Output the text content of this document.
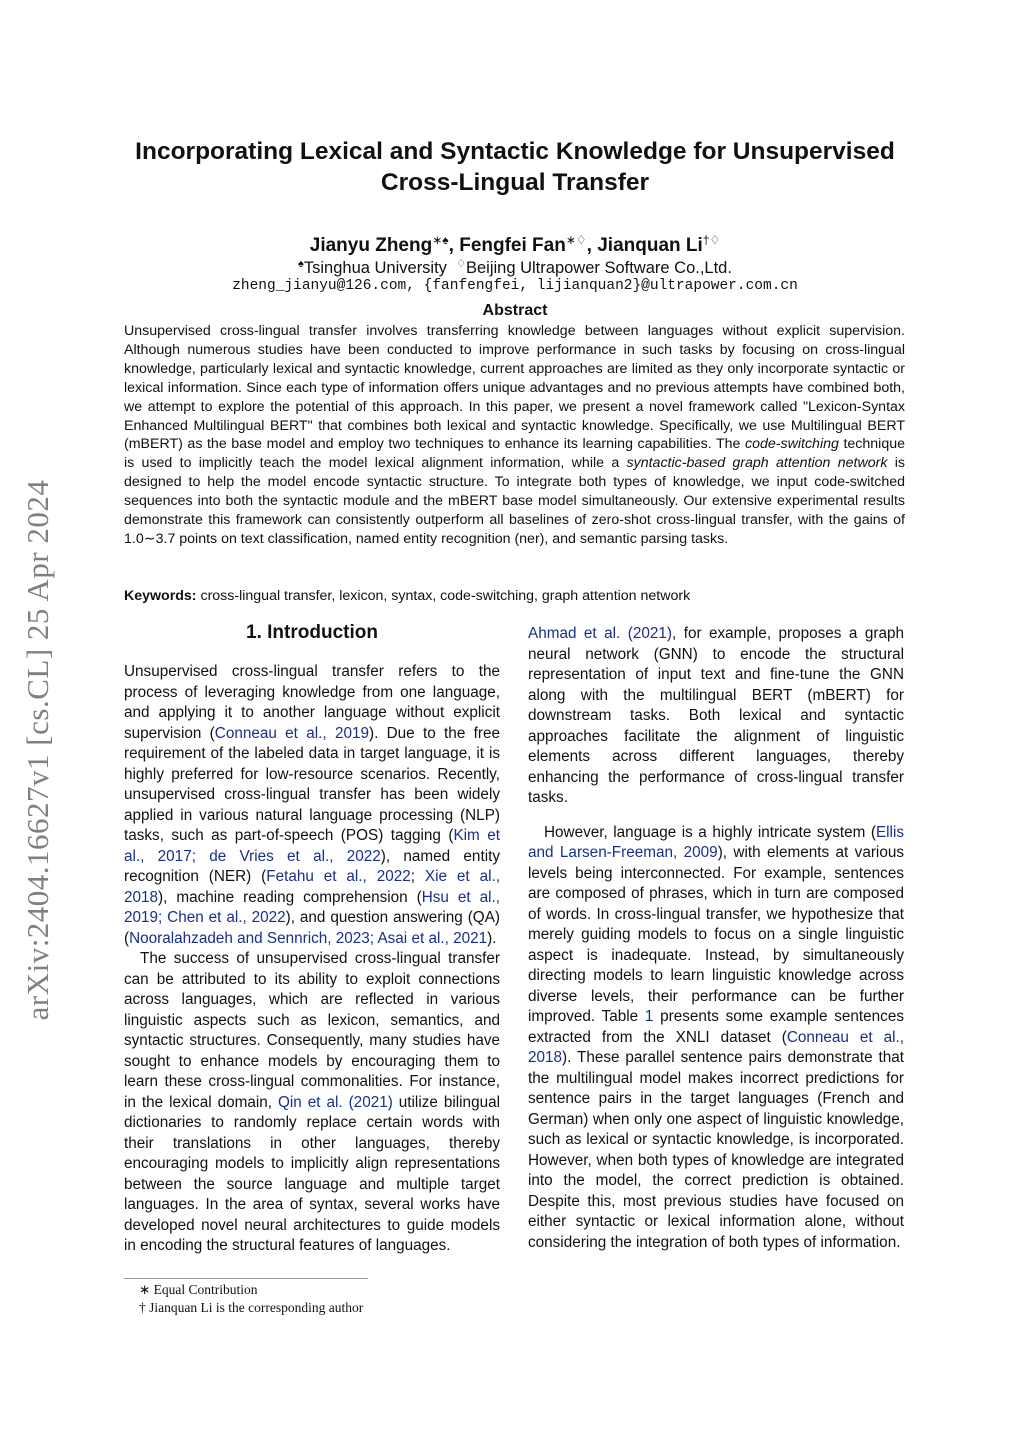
arXiv:2404.16627v1 [cs.CL] 25 Apr 2024
Incorporating Lexical and Syntactic Knowledge for Unsupervised Cross-Lingual Transfer
Jianyu Zheng∗♠, Fengfei Fan∗♢, Jianquan Li†♢
♠Tsinghua University ♢Beijing Ultrapower Software Co.,Ltd.
zheng_jianyu@126.com, {fanfengfei, lijianquan2}@ultrapower.com.cn
Abstract
Unsupervised cross-lingual transfer involves transferring knowledge between languages without explicit supervision. Although numerous studies have been conducted to improve performance in such tasks by focusing on cross-lingual knowledge, particularly lexical and syntactic knowledge, current approaches are limited as they only incorporate syntactic or lexical information. Since each type of information offers unique advantages and no previous attempts have combined both, we attempt to explore the potential of this approach. In this paper, we present a novel framework called "Lexicon-Syntax Enhanced Multilingual BERT" that combines both lexical and syntactic knowledge. Specifically, we use Multilingual BERT (mBERT) as the base model and employ two techniques to enhance its learning capabilities. The code-switching technique is used to implicitly teach the model lexical alignment information, while a syntactic-based graph attention network is designed to help the model encode syntactic structure. To integrate both types of knowledge, we input code-switched sequences into both the syntactic module and the mBERT base model simultaneously. Our extensive experimental results demonstrate this framework can consistently outperform all baselines of zero-shot cross-lingual transfer, with the gains of 1.0∼3.7 points on text classification, named entity recognition (ner), and semantic parsing tasks.
Keywords: cross-lingual transfer, lexicon, syntax, code-switching, graph attention network
1. Introduction

Unsupervised cross-lingual transfer refers to the process of leveraging knowledge from one language, and applying it to another language without explicit supervision (Conneau et al., 2019). Due to the free requirement of the labeled data in target language, it is highly preferred for low-resource scenarios. Recently, unsupervised cross-lingual transfer has been widely applied in various natural language processing (NLP) tasks, such as part-of-speech (POS) tagging (Kim et al., 2017; de Vries et al., 2022), named entity recognition (NER) (Fetahu et al., 2022; Xie et al., 2018), machine reading comprehension (Hsu et al., 2019; Chen et al., 2022), and question answering (QA) (Nooralahzadeh and Sennrich, 2023; Asai et al., 2021).

The success of unsupervised cross-lingual transfer can be attributed to its ability to exploit connections across languages, which are reflected in various linguistic aspects such as lexicon, semantics, and syntactic structures. Consequently, many studies have sought to enhance models by encouraging them to learn these cross-lingual commonalities. For instance, in the lexical domain, Qin et al. (2021) utilize bilingual dictionaries to randomly replace certain words with their translations in other languages, thereby encouraging models to implicitly align representations between the source language and multiple target languages. In the area of syntax, several works have developed novel neural architectures to guide models in encoding the structural features of languages.

Ahmad et al. (2021), for example, proposes a graph neural network (GNN) to encode the structural representation of input text and fine-tune the GNN along with the multilingual BERT (mBERT) for downstream tasks. Both lexical and syntactic approaches facilitate the alignment of linguistic elements across different languages, thereby enhancing the performance of cross-lingual transfer tasks.

However, language is a highly intricate system (Ellis and Larsen-Freeman, 2009), with elements at various levels being interconnected. For example, sentences are composed of phrases, which in turn are composed of words. In cross-lingual transfer, we hypothesize that merely guiding models to focus on a single linguistic aspect is inadequate. Instead, by simultaneously directing models to learn linguistic knowledge across diverse levels, their performance can be further improved. Table 1 presents some example sentences extracted from the XNLI dataset (Conneau et al., 2018). These parallel sentence pairs demonstrate that the multilingual model makes incorrect predictions for sentence pairs in the target languages (French and German) when only one aspect of linguistic knowledge, such as lexical or syntactic knowledge, is incorporated. However, when both types of knowledge are integrated into the model, the correct prediction is obtained. Despite this, most previous studies have focused on either syntactic or lexical information alone, without considering the integration of both types of information.

∗ Equal Contribution
† Jianquan Li is the corresponding author
